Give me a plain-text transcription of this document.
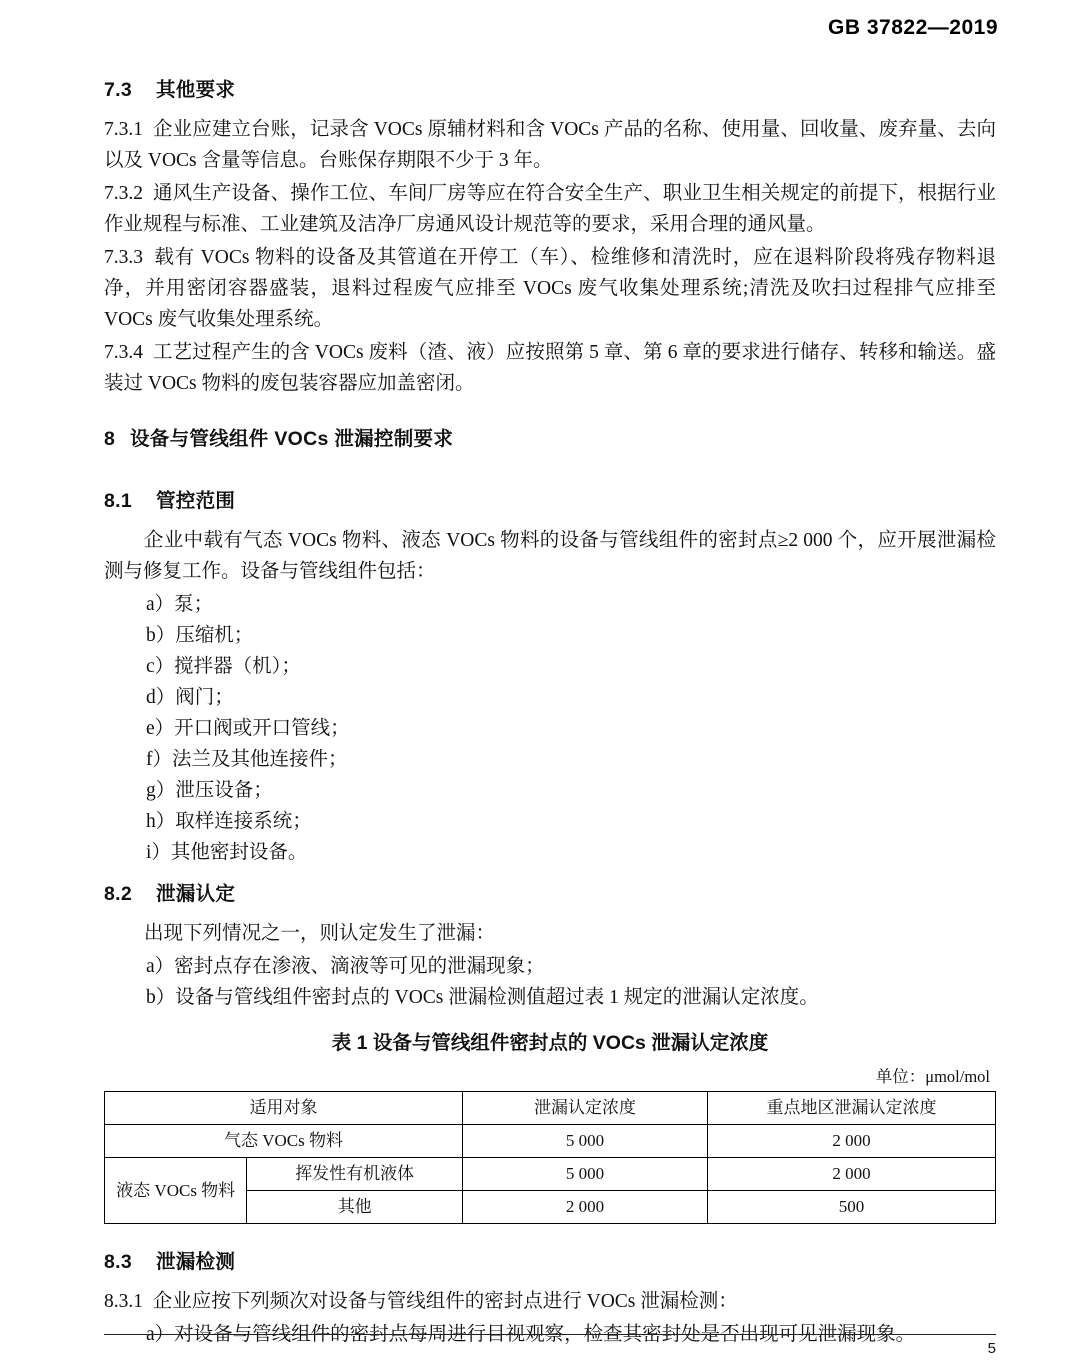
GB 37822—2019
7.3 其他要求

7.3.1 企业应建立台账，记录含 VOCs 原辅材料和含 VOCs 产品的名称、使用量、回收量、废弃量、去向以及 VOCs 含量等信息。台账保存期限不少于 3 年。

7.3.2 通风生产设备、操作工位、车间厂房等应在符合安全生产、职业卫生相关规定的前提下，根据行业作业规程与标准、工业建筑及洁净厂房通风设计规范等的要求，采用合理的通风量。

7.3.3 载有 VOCs 物料的设备及其管道在开停工（车）、检维修和清洗时，应在退料阶段将残存物料退净，并用密闭容器盛装，退料过程废气应排至 VOCs 废气收集处理系统;清洗及吹扫过程排气应排至 VOCs 废气收集处理系统。

7.3.4 工艺过程产生的含 VOCs 废料（渣、液）应按照第 5 章、第 6 章的要求进行储存、转移和输送。盛装过 VOCs 物料的废包装容器应加盖密闭。

8 设备与管线组件 VOCs 泄漏控制要求
8.1 管控范围

企业中载有气态 VOCs 物料、液态 VOCs 物料的设备与管线组件的密封点≥2 000 个，应开展泄漏检测与修复工作。设备与管线组件包括：

a）泵；
b）压缩机；
c）搅拌器（机）；
d）阀门；
e）开口阀或开口管线；
f）法兰及其他连接件；
g）泄压设备；
h）取样连接系统；
i）其他密封设备。
8.2 泄漏认定

出现下列情况之一，则认定发生了泄漏：

a）密封点存在渗液、滴液等可见的泄漏现象；
b）设备与管线组件密封点的 VOCs 泄漏检测值超过表 1 规定的泄漏认定浓度。
表 1 设备与管线组件密封点的 VOCs 泄漏认定浓度
单位：μmol/mol
适用对象		泄漏认定浓度	重点地区泄漏认定浓度
气态 VOCs 物料		5 000	2 000
液态 VOCs 物料	挥发性有机液体	5 000	2 000
	其他	2 000	500
8.3 泄漏检测

8.3.1 企业应按下列频次对设备与管线组件的密封点进行 VOCs 泄漏检测：

a）对设备与管线组件的密封点每周进行目视观察，检查其密封处是否出现可见泄漏现象。
5
